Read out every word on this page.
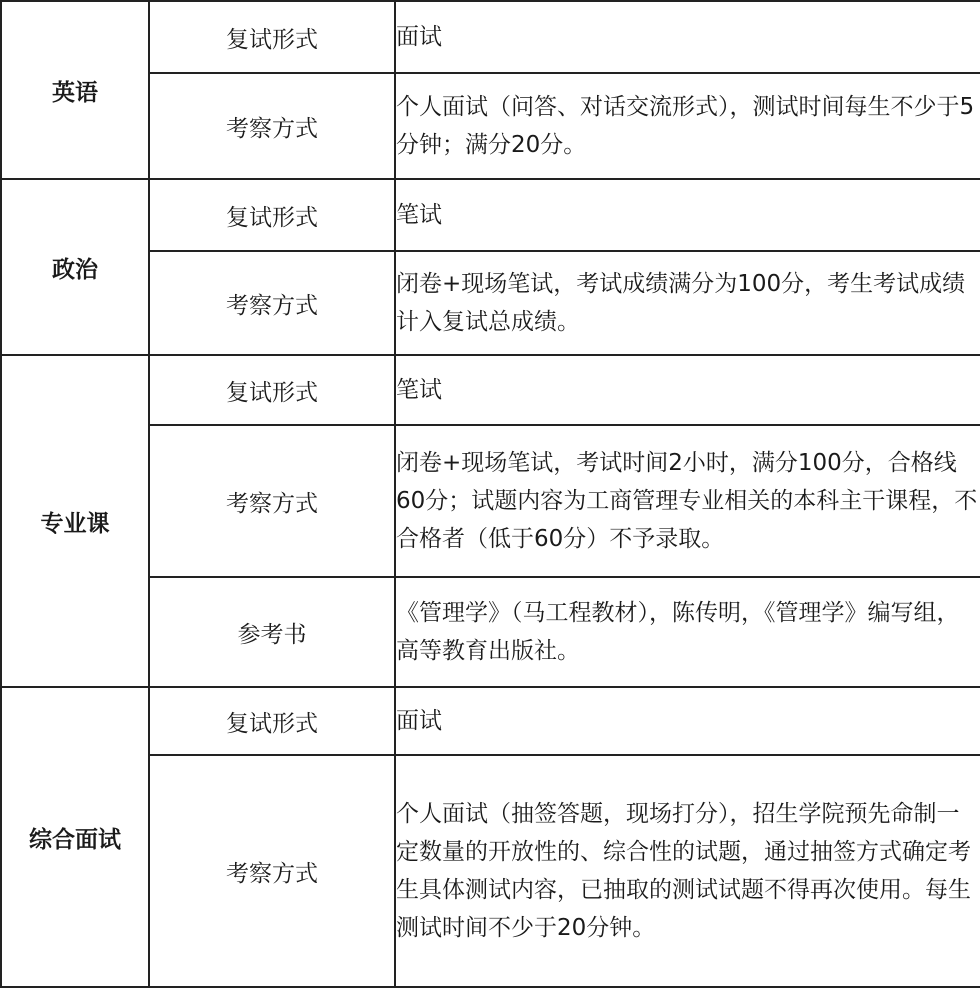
英语	复试形式	面试
	考察方式	个人面试（问答、对话交流形式），测试时间每生不少于5分钟；满分20分。
政治	复试形式	笔试
	考察方式	闭卷+现场笔试，考试成绩满分为100分，考生考试成绩计入复试总成绩。
专业课	复试形式	笔试
	考察方式	闭卷+现场笔试，考试时间2小时，满分100分，合格线60分；试题内容为工商管理专业相关的本科主干课程，不合格者（低于60分）不予录取。
	参考书	《管理学》（马工程教材），陈传明，《管理学》编写组，高等教育出版社。
综合面试	复试形式	面试
	考察方式	个人面试（抽签答题，现场打分），招生学院预先命制一定数量的开放性的、综合性的试题，通过抽签方式确定考生具体测试内容，已抽取的测试试题不得再次使用。每生测试时间不少于20分钟。
